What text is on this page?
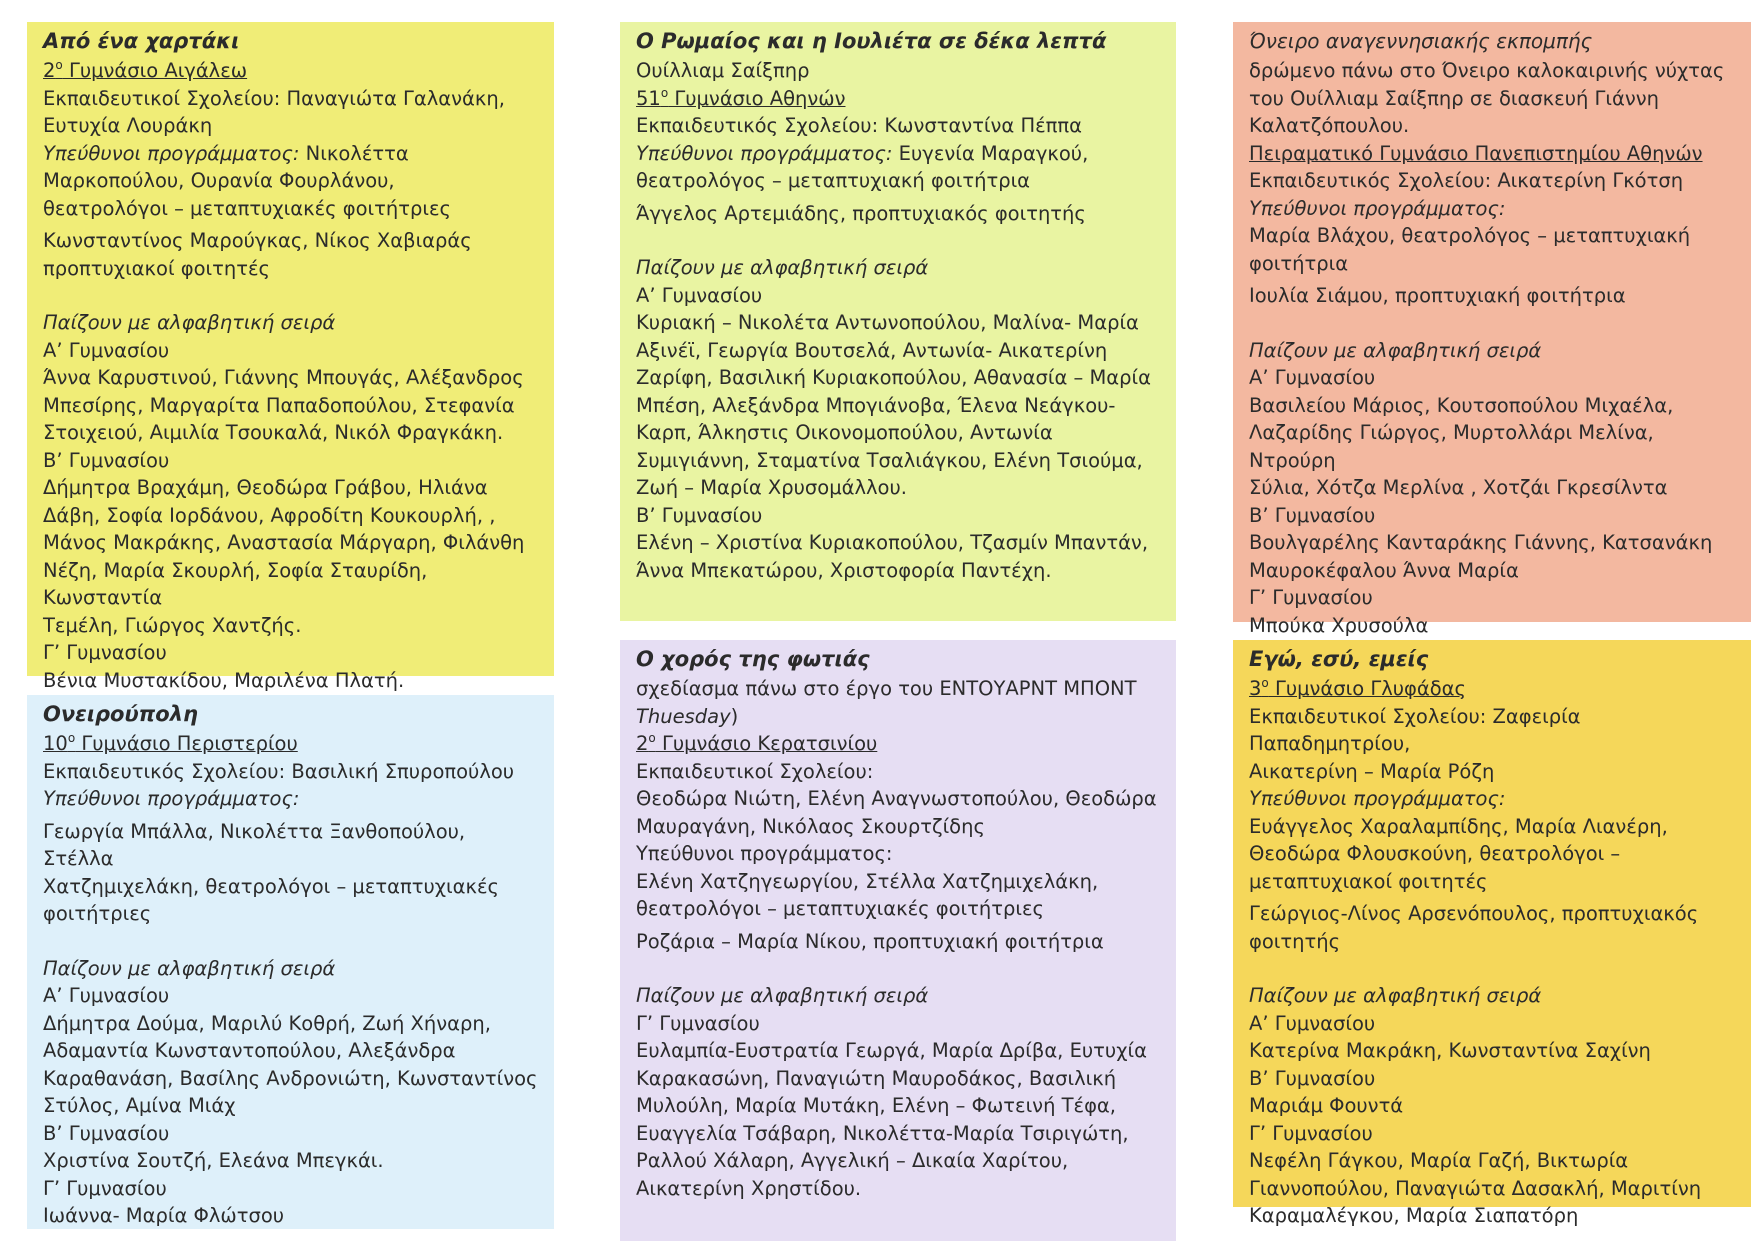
Από ένα χαρτάκι

$2^o$ Γυμνάσιο Αιγάλεω

Εκπαιδευτικοί Σχολείου: Παναγιώτα Γαλανάκη,

Ευτυχία Λουράκη

Υπεύθυνοι προγράμματος: Νικολέττα

Μαρκοπούλου, Ουρανία Φουρλάνου,

θεατρολόγοι – μεταπτυχιακές φοιτήτριες

Κωνσταντίνος Μαρούγκας, Νίκος Χαβιαράς

προπτυχιακοί φοιτητές

Παίζουν με αλφαβητική σειρά

Α’ Γυμνασίου

Άννα Καρυστινού, Γιάννης Μπουγάς, Αλέξανδρος

Μπεσίρης, Μαργαρίτα Παπαδοπούλου, Στεφανία

Στοιχειού, Αιμιλία Τσουκαλά, Νικόλ Φραγκάκη.

Β’ Γυμνασίου

Δήμητρα Βραχάμη, Θεοδώρα Γράβου, Ηλιάνα

Δάβη, Σοφία Ιορδάνου, Αφροδίτη Κουκουρλή, ,

Μάνος Μακράκης, Αναστασία Μάργαρη, Φιλάνθη

Νέζη, Μαρία Σκουρλή, Σοφία Σταυρίδη, Κωνσταντία

Τεμέλη, Γιώργος Χαντζής.

Γ’ Γυμνασίου

Βένια Μυστακίδου, Μαριλένα Πλατή.

Ονειρούπολη

$10^o$ Γυμνάσιο Περιστερίου

Εκπαιδευτικός Σχολείου: Βασιλική Σπυροπούλου

Υπεύθυνοι προγράμματος:

Γεωργία Μπάλλα, Νικολέττα Ξανθοπούλου, Στέλλα

Χατζημιχελάκη, θεατρολόγοι – μεταπτυχιακές

φοιτήτριες

Παίζουν με αλφαβητική σειρά

Α’ Γυμνασίου

Δήμητρα Δούμα, Μαριλύ Κοθρή, Ζωή Χήναρη,

Αδαμαντία Κωνσταντοπούλου, Αλεξάνδρα

Καραθανάση, Βασίλης Ανδρονιώτη, Κωνσταντίνος

Στύλος, Αμίνα Μιάχ

Β’ Γυμνασίου

Χριστίνα Σουτζή, Ελεάνα Μπεγκάι.

Γ’ Γυμνασίου

Ιωάννα- Μαρία Φλώτσου

Ο Ρωμαίος και η Ιουλιέτα σε δέκα λεπτά

Ουίλλιαμ Σαίξπηρ

$51^o$ Γυμνάσιο Αθηνών

Εκπαιδευτικός Σχολείου: Κωνσταντίνα Πέππα

Υπεύθυνοι προγράμματος: Ευγενία Μαραγκού,

θεατρολόγος – μεταπτυχιακή φοιτήτρια

Άγγελος Αρτεμιάδης, προπτυχιακός φοιτητής

Παίζουν με αλφαβητική σειρά

Α’ Γυμνασίου

Κυριακή – Νικολέτα Αντωνοπούλου, Μαλίνα- Μαρία

Αξινέϊ, Γεωργία Βουτσελά, Αντωνία- Αικατερίνη

Ζαρίφη, Βασιλική Κυριακοπούλου, Αθανασία – Μαρία

Μπέση, Αλεξάνδρα Μπογιάνοβα, Έλενα Νεάγκου-

Καρπ, Άλκηστις Οικονομοπούλου, Αντωνία

Συμιγιάννη, Σταματίνα Τσαλιάγκου, Ελένη Τσιούμα,

Ζωή – Μαρία Χρυσομάλλου.

Β’ Γυμνασίου

Ελένη – Χριστίνα Κυριακοπούλου, Τζασμίν Μπαντάν,

Άννα Μπεκατώρου, Χριστοφορία Παντέχη.

Ο χορός της φωτιάς

σχεδίασμα πάνω στο έργο του ΕΝΤΟΥΑΡΝΤ ΜΠΟΝΤ

Thuesday)

$2^o$ Γυμνάσιο Κερατσινίου

Εκπαιδευτικοί Σχολείου:

Θεοδώρα Νιώτη, Ελένη Αναγνωστοπούλου, Θεοδώρα

Μαυραγάνη, Νικόλαος Σκουρτζίδης

Υπεύθυνοι προγράμματος:

Ελένη Χατζηγεωργίου, Στέλλα Χατζημιχελάκη,

θεατρολόγοι – μεταπτυχιακές φοιτήτριες

Ροζάρια – Μαρία Νίκου, προπτυχιακή φοιτήτρια

Παίζουν με αλφαβητική σειρά

Γ’ Γυμνασίου

Ευλαμπία-Ευστρατία Γεωργά, Μαρία Δρίβα, Ευτυχία

Καρακασώνη, Παναγιώτη Μαυροδάκος, Βασιλική

Μυλούλη, Μαρία Μυτάκη, Ελένη – Φωτεινή Τέφα,

Ευαγγελία Τσάβαρη, Νικολέττα-Μαρία Τσιριγώτη,

Ραλλού Χάλαρη, Αγγελική – Δικαία Χαρίτου,

Αικατερίνη Χρηστίδου.

Όνειρο αναγεννησιακής εκπομπής

δρώμενο πάνω στο Όνειρο καλοκαιρινής νύχτας

του Ουίλλιαμ Σαίξπηρ σε διασκευή Γιάννη

Καλατζόπουλου.

Πειραματικό Γυμνάσιο Πανεπιστημίου Αθηνών

Εκπαιδευτικός Σχολείου: Αικατερίνη Γκότση

Υπεύθυνοι προγράμματος:

Μαρία Βλάχου, θεατρολόγος – μεταπτυχιακή

φοιτήτρια

Ιουλία Σιάμου, προπτυχιακή φοιτήτρια

Παίζουν με αλφαβητική σειρά

Α’ Γυμνασίου

Βασιλείου Μάριος, Κουτσοπούλου Μιχαέλα,

Λαζαρίδης Γιώργος, Μυρτολλάρι Μελίνα, Ντρούρη

Σύλια, Χότζα Μερλίνα , Χοτζάι Γκρεσίλντα

Β’ Γυμνασίου

Βουλγαρέλης Κανταράκης Γιάννης, Κατσανάκη

Μαυροκέφαλου Άννα Μαρία

Γ’ Γυμνασίου

Μπούκα Χρυσούλα

Εγώ, εσύ, εμείς

$3^o$ Γυμνάσιο Γλυφάδας

Εκπαιδευτικοί Σχολείου: Ζαφειρία Παπαδημητρίου,

Αικατερίνη – Μαρία Ρόζη

Υπεύθυνοι προγράμματος:

Ευάγγελος Χαραλαμπίδης, Μαρία Λιανέρη,

Θεοδώρα Φλουσκούνη, θεατρολόγοι –

μεταπτυχιακοί φοιτητές

Γεώργιος-Λίνος Αρσενόπουλος, προπτυχιακός

φοιτητής

Παίζουν με αλφαβητική σειρά

Α’ Γυμνασίου

Κατερίνα Μακράκη, Κωνσταντίνα Σαχίνη

Β’ Γυμνασίου

Μαριάμ Φουντά

Γ’ Γυμνασίου

Νεφέλη Γάγκου, Μαρία Γαζή, Βικτωρία

Γιαννοπούλου, Παναγιώτα Δασακλή, Μαριτίνη

Καραμαλέγκου, Μαρία Σιαπατόρη
